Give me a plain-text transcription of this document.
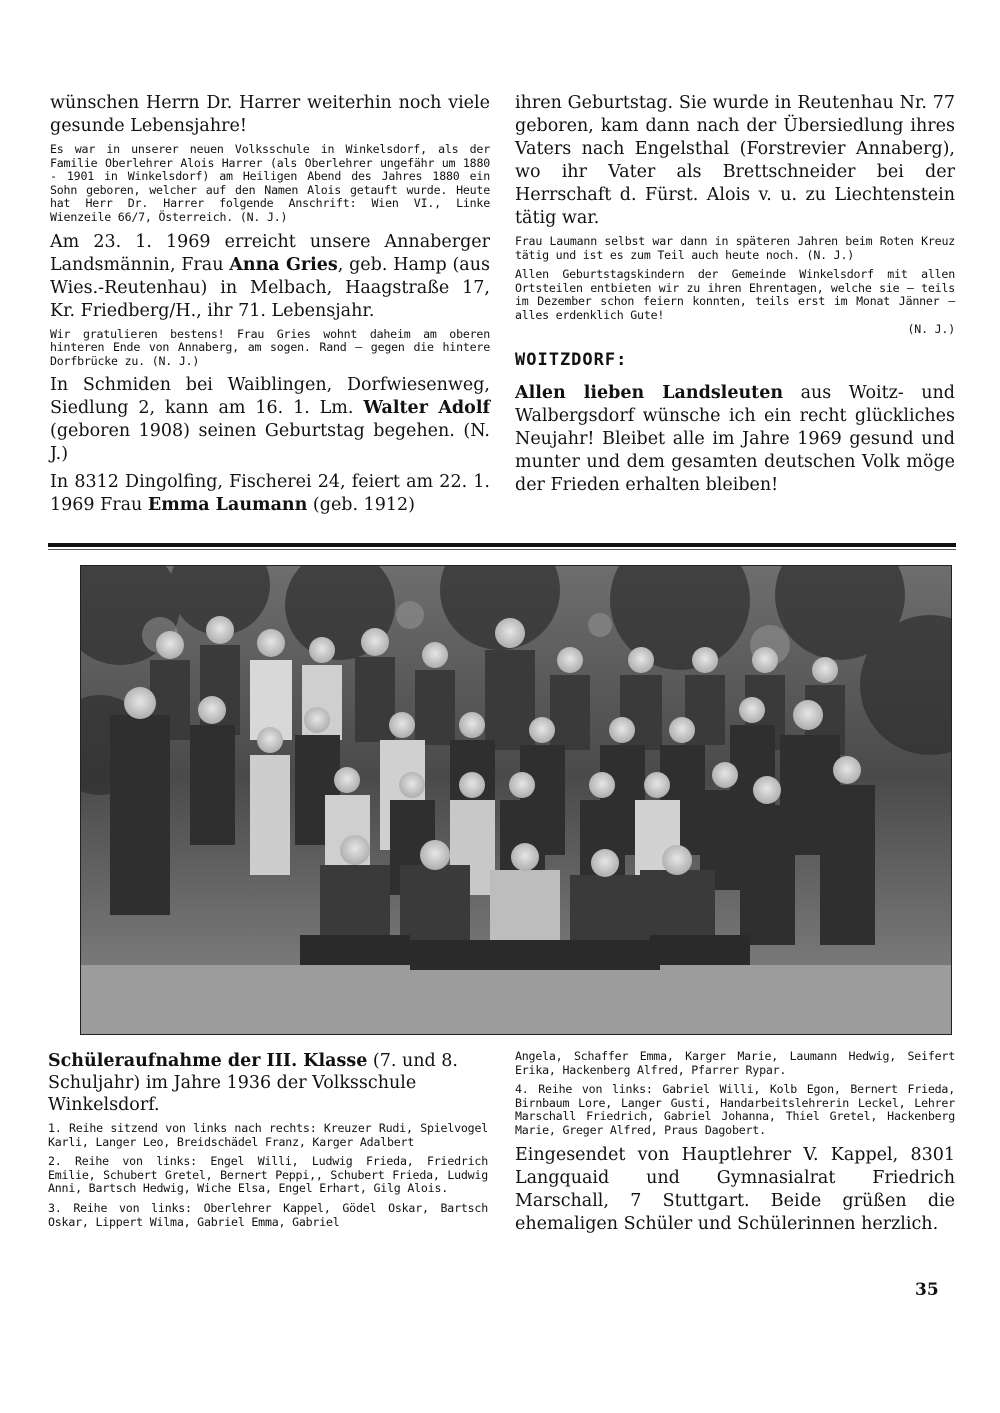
wünschen Herrn Dr. Harrer weiterhin noch viele gesunde Lebensjahre!

Es war in unserer neuen Volksschule in Winkelsdorf, als der Familie Oberlehrer Alois Harrer (als Oberlehrer ungefähr um 1880 - 1901 in Winkelsdorf) am Heiligen Abend des Jahres 1880 ein Sohn geboren, welcher auf den Namen Alois getauft wurde. Heute hat Herr Dr. Harrer folgende Anschrift: Wien VI., Linke Wienzeile 66/7, Österreich. (N. J.)

Am 23. 1. 1969 erreicht unsere Annaberger Landsmännin, Frau Anna Gries, geb. Hamp (aus Wies.-Reutenhau) in Melbach, Haagstraße 17, Kr. Friedberg/H., ihr 71. Lebensjahr.

Wir gratulieren bestens! Frau Gries wohnt daheim am oberen hinteren Ende von Annaberg, am sogen. Rand — gegen die hintere Dorfbrücke zu. (N. J.)

In Schmiden bei Waiblingen, Dorfwiesenweg, Siedlung 2, kann am 16. 1. Lm. Walter Adolf (geboren 1908) seinen Geburtstag begehen. (N. J.)

In 8312 Dingolfing, Fischerei 24, feiert am 22. 1. 1969 Frau Emma Laumann (geb. 1912)

ihren Geburtstag. Sie wurde in Reutenhau Nr. 77 geboren, kam dann nach der Übersiedlung ihres Vaters nach Engelsthal (Forstrevier Annaberg), wo ihr Vater als Brettschneider bei der Herrschaft d. Fürst. Alois v. u. zu Liechtenstein tätig war.

Frau Laumann selbst war dann in späteren Jahren beim Roten Kreuz tätig und ist es zum Teil auch heute noch. (N. J.)

Allen Geburtstagskindern der Gemeinde Winkelsdorf mit allen Ortsteilen entbieten wir zu ihren Ehrentagen, welche sie — teils im Dezember schon feiern konnten, teils erst im Monat Jänner — alles erdenklich Gute!
(N. J.)

WOITZDORF:

Allen lieben Landsleuten aus Woitz- und Walbergsdorf wünsche ich ein recht glückliches Neujahr! Bleibet alle im Jahre 1969 gesund und munter und dem gesamten deutschen Volk möge der Frieden erhalten bleiben!

Schüleraufnahme der III. Klasse (7. und 8. Schuljahr) im Jahre 1936 der Volksschule Winkelsdorf.

1. Reihe sitzend von links nach rechts: Kreuzer Rudi, Spielvogel Karli, Langer Leo, Breidschädel Franz, Karger Adalbert

2. Reihe von links: Engel Willi, Ludwig Frieda, Friedrich Emilie, Schubert Gretel, Bernert Peppi,, Schubert Frieda, Ludwig Anni, Bartsch Hedwig, Wiche Elsa, Engel Erhart, Gilg Alois.

3. Reihe von links: Oberlehrer Kappel, Gödel Oskar, Bartsch Oskar, Lippert Wilma, Gabriel Emma, Gabriel

Angela, Schaffer Emma, Karger Marie, Laumann Hedwig, Seifert Erika, Hackenberg Alfred, Pfarrer Rypar.

4. Reihe von links: Gabriel Willi, Kolb Egon, Bernert Frieda, Birnbaum Lore, Langer Gusti, Handarbeitslehrerin Leckel, Lehrer Marschall Friedrich, Gabriel Johanna, Thiel Gretel, Hackenberg Marie, Greger Alfred, Praus Dagobert.

Eingesendet von Hauptlehrer V. Kappel, 8301 Langquaid und Gymnasialrat Friedrich Marschall, 7 Stuttgart. Beide grüßen die ehemaligen Schüler und Schülerinnen herzlich.

35
